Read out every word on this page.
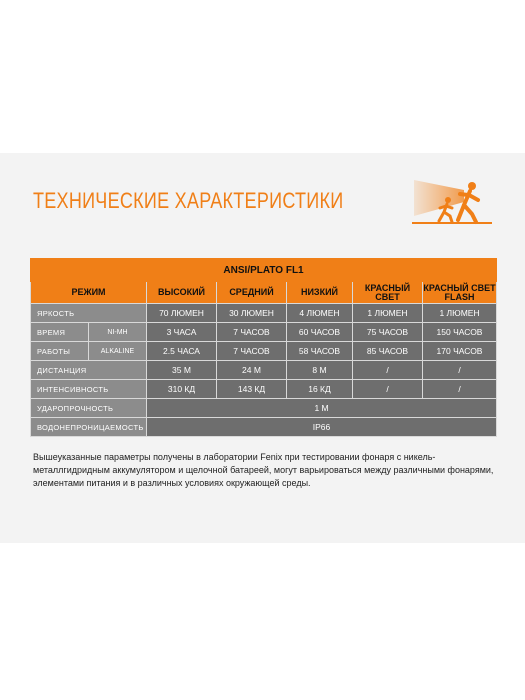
ТЕХНИЧЕСКИЕ ХАРАКТЕРИСТИКИ
ANSI/PLATO FL1						
РЕЖИМ		ВЫСОКИЙ	СРЕДНИЙ	НИЗКИЙ	КРАСНЫЙ СВЕТ	КРАСНЫЙ СВЕТ FLASH
ЯРКОСТЬ		70 ЛЮМЕН	30 ЛЮМЕН	4 ЛЮМЕН	1 ЛЮМЕН	1 ЛЮМЕН
ВРЕМЯ	NI-MH	3 ЧАСА	7 ЧАСОВ	60 ЧАСОВ	75 ЧАСОВ	150 ЧАСОВ
РАБОТЫ	ALKALINE	2.5 ЧАСА	7 ЧАСОВ	58 ЧАСОВ	85 ЧАСОВ	170 ЧАСОВ
ДИСТАНЦИЯ		35 М	24 М	8 М	/	/
ИНТЕНСИВНОСТЬ		310 КД	143 КД	16 КД	/	/
УДАРОПРОЧНОСТЬ		1 М				
ВОДОНЕПРОНИЦАЕМОСТЬ		IP66				
Вышеуказанные параметры получены в лаборатории Fenix при тестировании фонаря с никель-металлгидридным аккумулятором и щелочной батареей, могут варьироваться между различными фонарями, элементами питания и в различных условиях окружающей среды.
